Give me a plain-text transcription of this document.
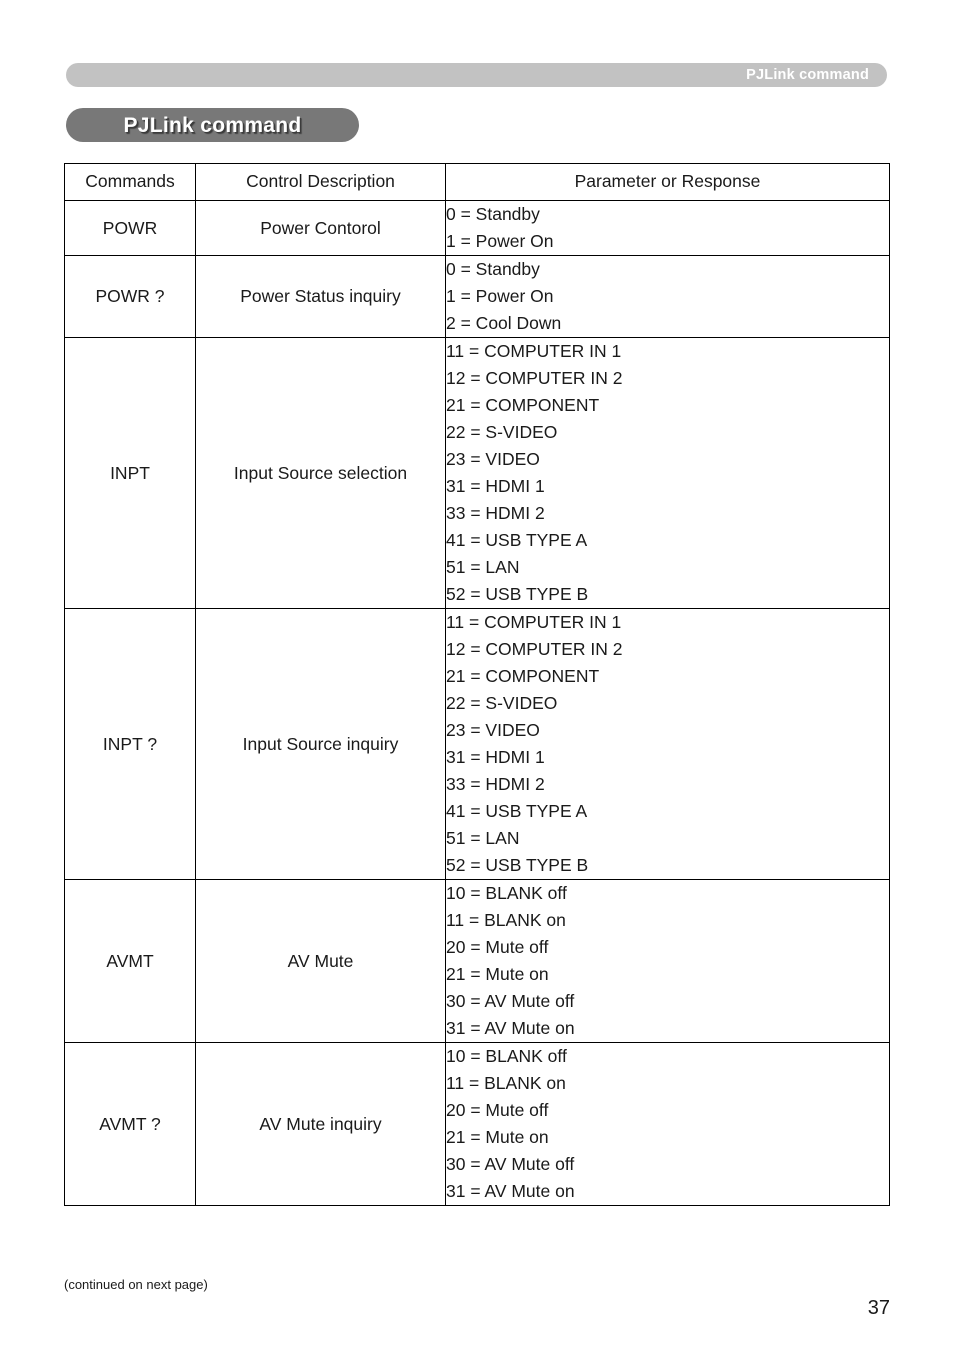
PJLink command
PJLink command
Commands	Control Description	Parameter or Response
POWR	Power Contorol	0 = Standby
1 = Power On

POWR ?	Power Status inquiry	0 = Standby
1 = Power On
2 = Cool Down

INPT	Input Source selection	
11 = COMPUTER IN 1
12 = COMPUTER IN 2
21 = COMPONENT
22 = S-VIDEO
23 = VIDEO
31 = HDMI 1
33 = HDMI 2
41 = USB TYPE A
51 = LAN
52 = USB TYPE B

INPT ?	Input Source inquiry	
11 = COMPUTER IN 1
12 = COMPUTER IN 2
21 = COMPONENT
22 = S-VIDEO
23 = VIDEO
31 = HDMI 1
33 = HDMI 2
41 = USB TYPE A
51 = LAN
52 = USB TYPE B

AVMT	AV Mute	
10 = BLANK off
11 = BLANK on
20 = Mute off
21 = Mute on
30 = AV Mute off
31 = AV Mute on

AVMT ?	AV Mute inquiry	
10 = BLANK off
11 = BLANK on
20 = Mute off
21 = Mute on
30 = AV Mute off
31 = AV Mute on
(continued on next page)
37
